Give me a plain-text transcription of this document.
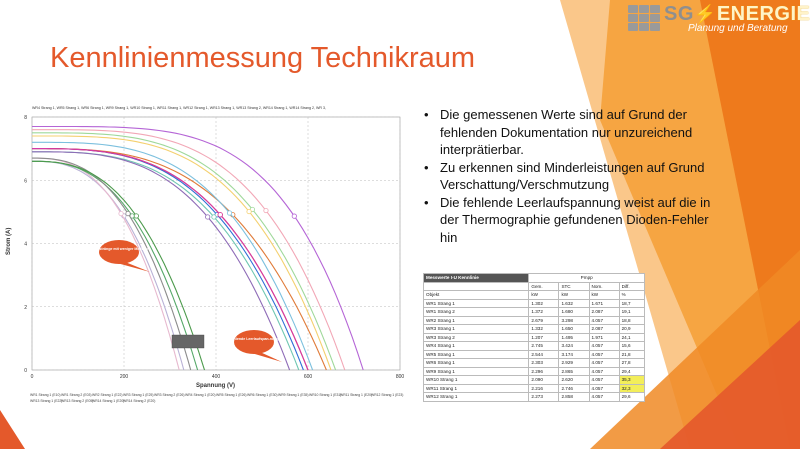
SG⚡ENERGIE
Planung und Beratung
Kennlinienmessung Technikraum
WR4 Strang 1, WR5 Strang 1, WR6 Strang 1, WR9 Strang 1, WR10 Strang 1, WR11 Strang 1, WR12 Strang 1, WR13 Strang 1, WR13 Strang 2, WR14 Strang 1, WR14 Strang 2, WR 3,
0
2
4
6
8
0	200	400	600	800
Modulstränge mit weniger Modulen
Fehlende Leerlaufspan-nung
Strom (A)
Spannung (V)
WR1 Strang 1 (E10)WR1 Strang 2 (E03)WR2 Strang 1 (E22)WR3 Strang 1 (E25)WR3 Strang 2 (E26)WR4 Strang 1 (E20)WR5 Strang 1 (E26)WR6 Strang 1 (E30)WR9 Strang 1 (E35)WR10 Strang 1 (E31)WR11 Strang 1 (E20)WR12 Strang 1 (E23)WR13 Strang 1 (E22)WR13 Strang 2 (E05)WR14 Strang 1 (E20)WR14 Strang 2 (E20)
• Die gemessenen Werte sind auf Grund der fehlenden Dokumentation nur unzureichend interprätierbar.
• Zu erkennen sind Minderleistungen auf Grund Verschattung/Verschmutzung
• Die fehlende Leerlaufspannung weist auf die in der Thermographie gefundenen Dioden-Fehler hin
Messwerte I-U Kennlinie	Pmpp			
	Gem.	STC	Nom.	Diff.
Objekt	kW	kW	kW	%
WR1 Strang 1	1.302	1.632	1.671	18,7
WR1 Strang 2	1.372	1.680	2.087	19,1
WR2 Strang 1	2.679	3.298	4.057	18,8
WR3 Strang 1	1.332	1.650	2.087	20,9
WR3 Strang 2	1.207	1.495	1.971	24,1
WR4 Strang 1	2.745	3.424	4.057	15,6
WR5 Strang 1	2.544	3.174	4.057	21,8
WR6 Strang 1	2.303	2.929	4.057	27,8
WR9 Strang 1	2.296	2.865	4.057	29,4
WR10 Strang 1	2.090	2.620	4.057	35,3
WR11 Strang 1	2.216	2.746	4.057	32,3
WR12 Strang 1	2.273	2.858	4.057	29,6
